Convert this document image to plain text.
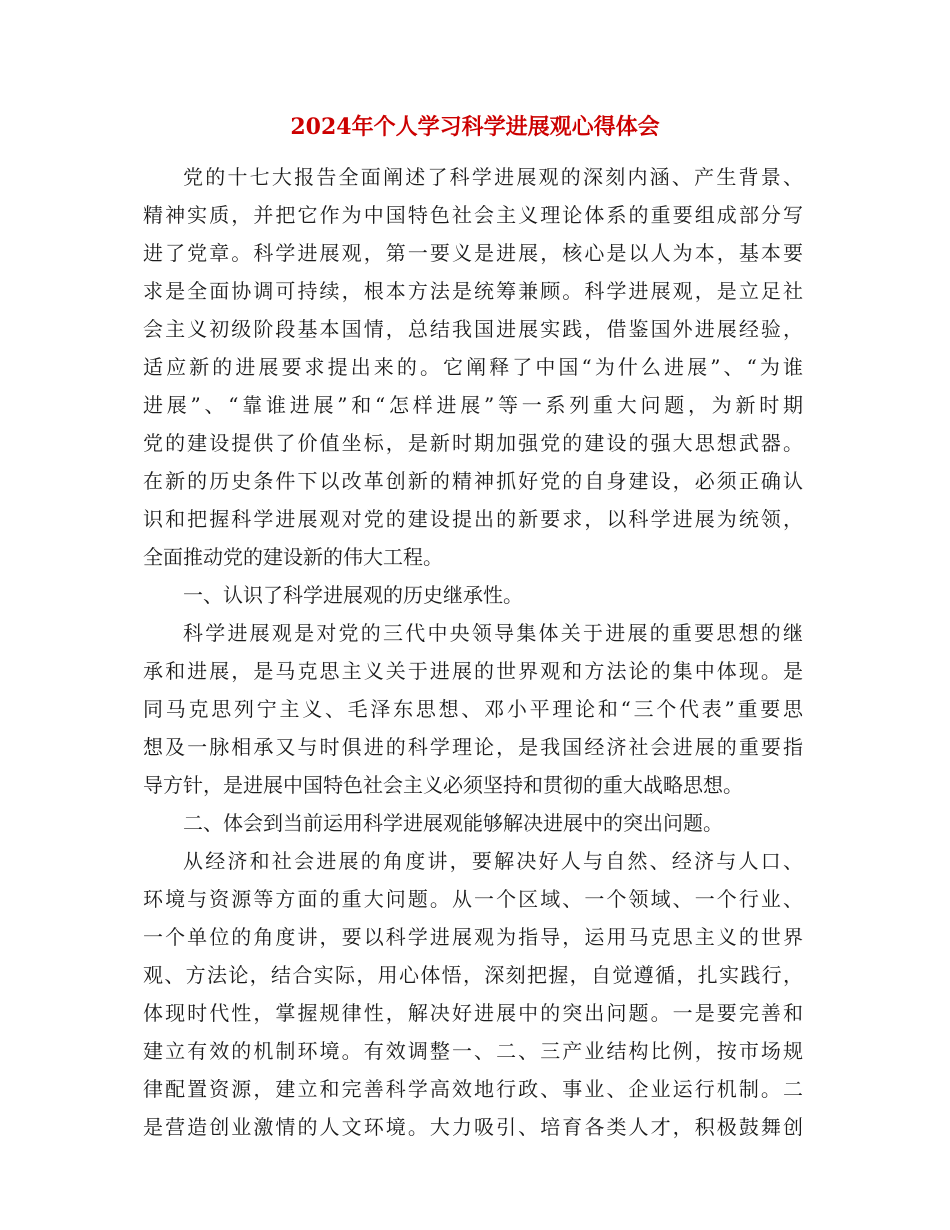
2024年个人学习科学进展观心得体会
党的十七大报告全面阐述了科学进展观的深刻内涵、产生背景、
精神实质，并把它作为中国特色社会主义理论体系的重要组成部分写
进了党章。科学进展观，第一要义是进展，核心是以人为本，基本要
求是全面协调可持续，根本方法是统筹兼顾。科学进展观，是立足社
会主义初级阶段基本国情，总结我国进展实践，借鉴国外进展经验，
适应新的进展要求提出来的。它阐释了中国“为什么进展”、“为谁
进展”、“靠谁进展”和“怎样进展”等一系列重大问题，为新时期
党的建设提供了价值坐标，是新时期加强党的建设的强大思想武器。
在新的历史条件下以改革创新的精神抓好党的自身建设，必须正确认
识和把握科学进展观对党的建设提出的新要求，以科学进展为统领，
全面推动党的建设新的伟大工程。
一、认识了科学进展观的历史继承性。
科学进展观是对党的三代中央领导集体关于进展的重要思想的继
承和进展，是马克思主义关于进展的世界观和方法论的集中体现。是
同马克思列宁主义、毛泽东思想、邓小平理论和“三个代表”重要思
想及一脉相承又与时俱进的科学理论，是我国经济社会进展的重要指
导方针，是进展中国特色社会主义必须坚持和贯彻的重大战略思想。
二、体会到当前运用科学进展观能够解决进展中的突出问题。
从经济和社会进展的角度讲，要解决好人与自然、经济与人口、
环境与资源等方面的重大问题。从一个区域、一个领域、一个行业、
一个单位的角度讲，要以科学进展观为指导，运用马克思主义的世界
观、方法论，结合实际，用心体悟，深刻把握，自觉遵循，扎实践行，
体现时代性，掌握规律性，解决好进展中的突出问题。一是要完善和
建立有效的机制环境。有效调整一、二、三产业结构比例，按市场规
律配置资源，建立和完善科学高效地行政、事业、企业运行机制。二
是营造创业激情的人文环境。大力吸引、培育各类人才，积极鼓舞创
